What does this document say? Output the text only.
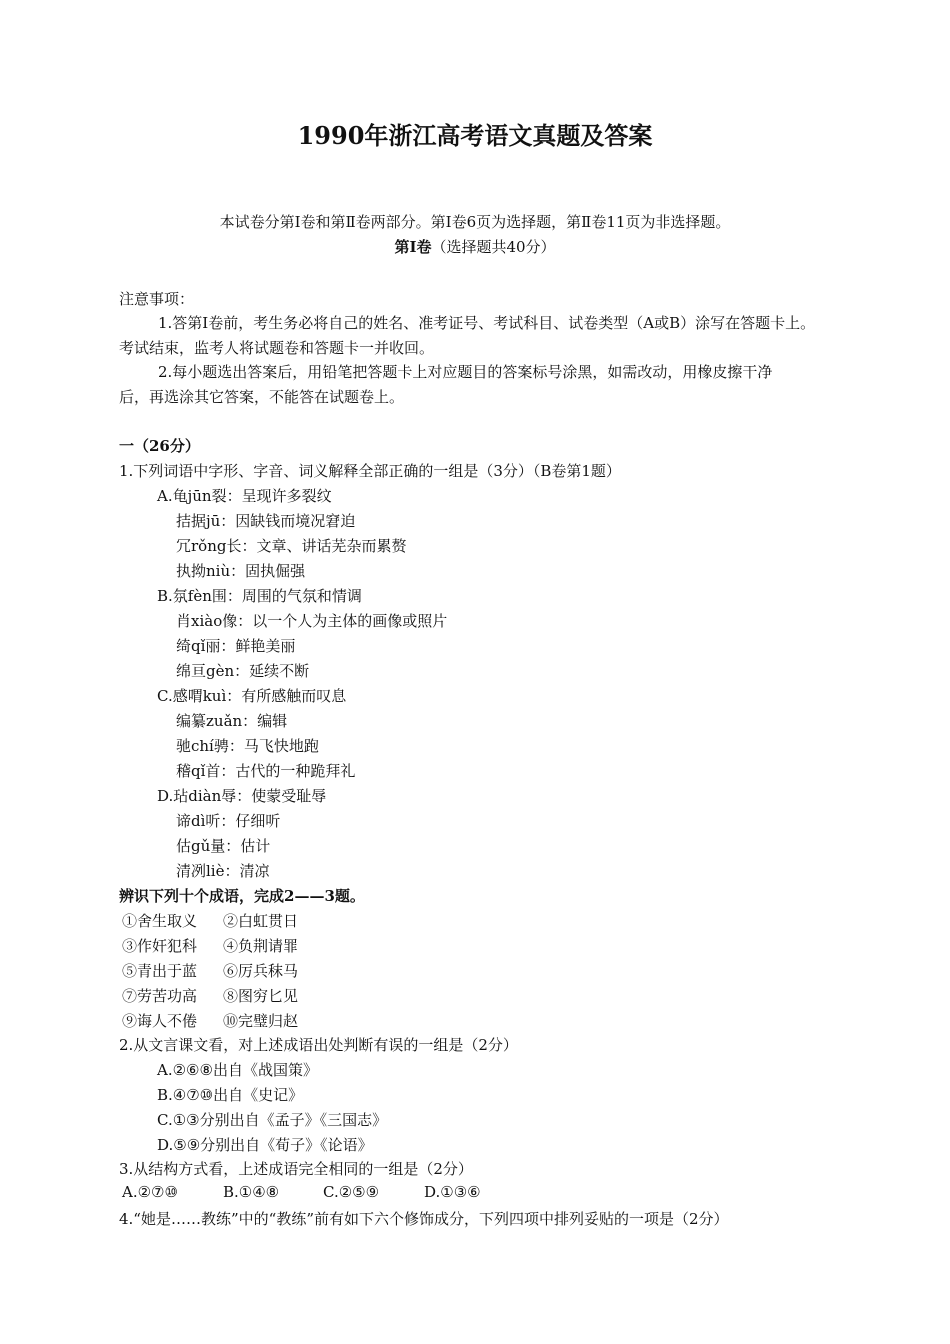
1990年浙江高考语文真题及答案
本试卷分第Ⅰ卷和第Ⅱ卷两部分。第Ⅰ卷6页为选择题，第Ⅱ卷11页为非选择题。
第Ⅰ卷（选择题共40分）
注意事项：
1.答第Ⅰ卷前，考生务必将自己的姓名、准考证号、考试科目、试卷类型（A或B）涂写在答题卡上。
考试结束，监考人将试题卷和答题卡一并收回。
2.每小题选出答案后，用铅笔把答题卡上对应题目的答案标号涂黑，如需改动，用橡皮擦干净
后，再选涂其它答案，不能答在试题卷上。
一（26分）
1.下列词语中字形、字音、词义解释全部正确的一组是（3分）（B卷第1题）
A.龟jūn裂：呈现许多裂纹
拮据jū：因缺钱而境况窘迫
冗rǒng长：文章、讲话芜杂而累赘
执拗niù：固执倔强
B.氛fèn围：周围的气氛和情调
肖xiào像：以一个人为主体的画像或照片
绮qǐ丽：鲜艳美丽
绵亘gèn：延续不断
C.感喟kuì：有所感触而叹息
编纂zuǎn：编辑
驰chí骋：马飞快地跑
稽qǐ首：古代的一种跪拜礼
D.玷diàn辱：使蒙受耻辱
谛dì听：仔细听
估gǔ量：估计
清冽liè：清凉
辨识下列十个成语，完成2——3题。
①舍生取义 ②白虹贯日
③作奸犯科 ④负荆请罪
⑤青出于蓝 ⑥厉兵秣马
⑦劳苦功高 ⑧图穷匕见
⑨诲人不倦 ⑩完璧归赵
2.从文言课文看，对上述成语出处判断有误的一组是（2分）
A.②⑥⑧出自《战国策》
B.④⑦⑩出自《史记》
C.①③分别出自《孟子》《三国志》
D.⑤⑨分别出自《荀子》《论语》
3.从结构方式看，上述成语完全相同的一组是（2分）
A.②⑦⑩	B.①④⑧	C.②⑤⑨	D.①③⑥
4.“她是……教练”中的“教练”前有如下六个修饰成分，下列四项中排列妥贴的一项是（2分）
